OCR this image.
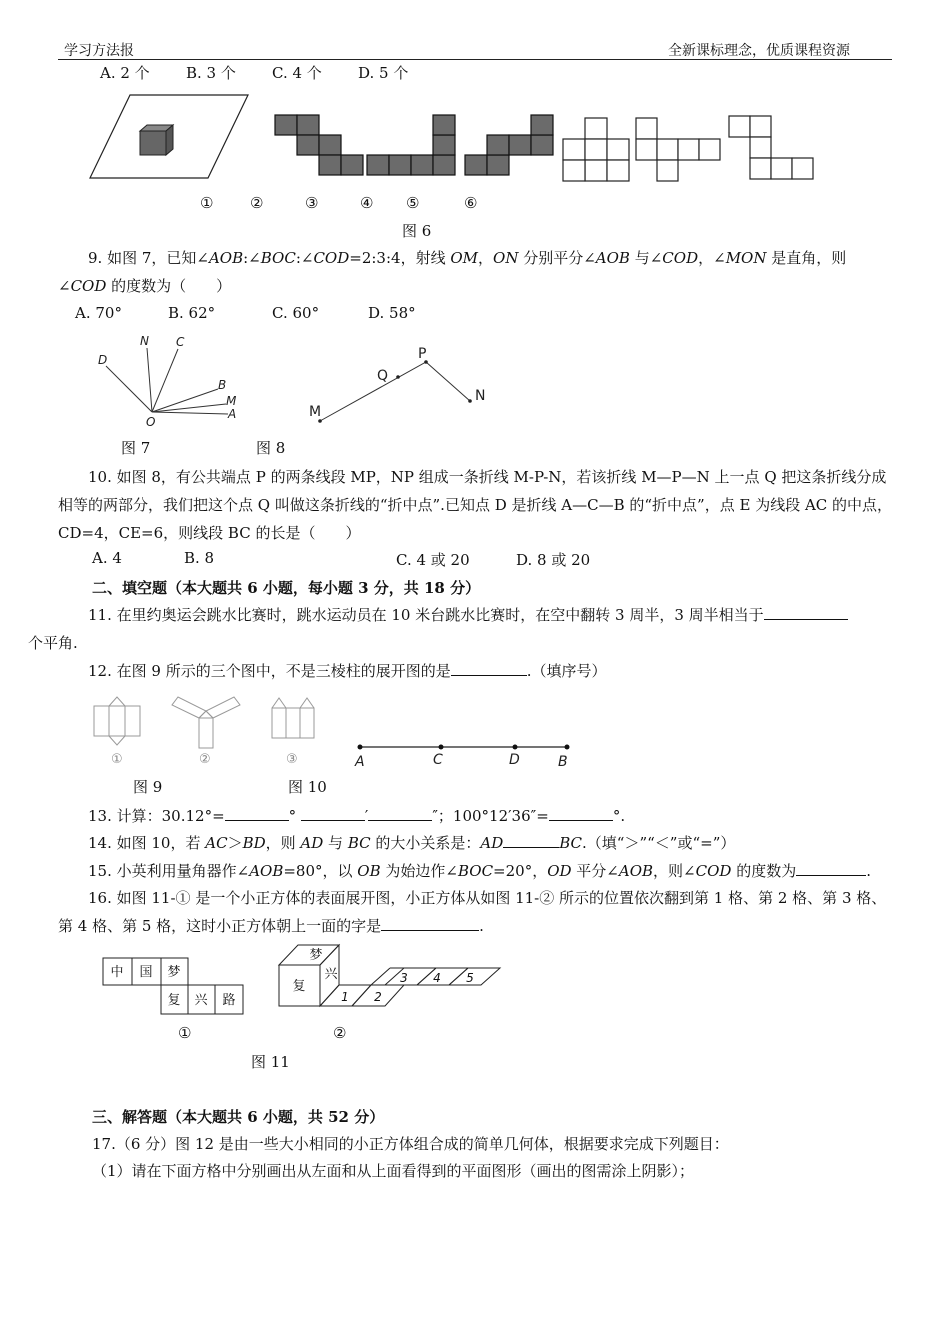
学习方法报	全新课标理念，优质课程资源
A. 2 个 B. 3 个 C. 4 个 D. 5 个
① ②	③	④ ⑤	⑥
图 6
9. 如图 7，已知∠AOB:∠BOC:∠COD=2:3:4，射线 OM，ON 分别平分∠AOB 与∠COD，∠MON 是直角，则
∠COD 的度数为（　　）
A. 70°	B. 62°	C. 60°	D. 58°
D
N C
B
M
A
O
P
Q
M
N
图 7	图 8
10. 如图 8，有公共端点 P 的两条线段 MP，NP 组成一条折线 M-P-N，若该折线 M—P—N 上一点 Q 把这条折线分成相等的两部分，我们把这个点 Q 叫做这条折线的“折中点”.已知点 D 是折线 A—C—B 的“折中点”，点 E 为线段 AC 的中点，CD=4，CE=6，则线段 BC 的长是（　　）
A. 4	B. 8	C. 4 或 20	D. 8 或 20
二、填空题（本大题共 6 小题，每小题 3 分，共 18 分）
11. 在里约奥运会跳水比赛时，跳水运动员在 10 米台跳水比赛时，在空中翻转 3 周半，3 周半相当于
个平角.
12. 在图 9 所示的三个图中，不是三棱柱的展开图的是	.（填序号）
①	②	③	A	C	D	B
图 9	图 10
13. 计算：30.12°=	°	′	″；100°12′36″=	°.
14. 如图 10，若 AC＞BD，则 AD 与 BC 的大小关系是：AD	BC.（填“＞”“＜”或“=”）
15. 小英利用量角器作∠AOB=80°，以 OB 为始边作∠BOC=20°，OD 平分∠AOB，则∠COD 的度数为	.
16. 如图 11-① 是一个小正方体的表面展开图，小正方体从如图 11-② 所示的位置依次翻到第 1 格、第 2 格、第 3 格、第 4 格、第 5 格，这时小正方体朝上一面的字是	.
中 国 梦
复 兴 路
梦
复
兴
1 2
3 4 5
①	②
图 11
三、解答题（本大题共 6 小题，共 52 分）
17.（6 分）图 12 是由一些大小相同的小正方体组合成的简单几何体，根据要求完成下列题目：
（1）请在下面方格中分别画出从左面和从上面看得到的平面图形（画出的图需涂上阴影）；
